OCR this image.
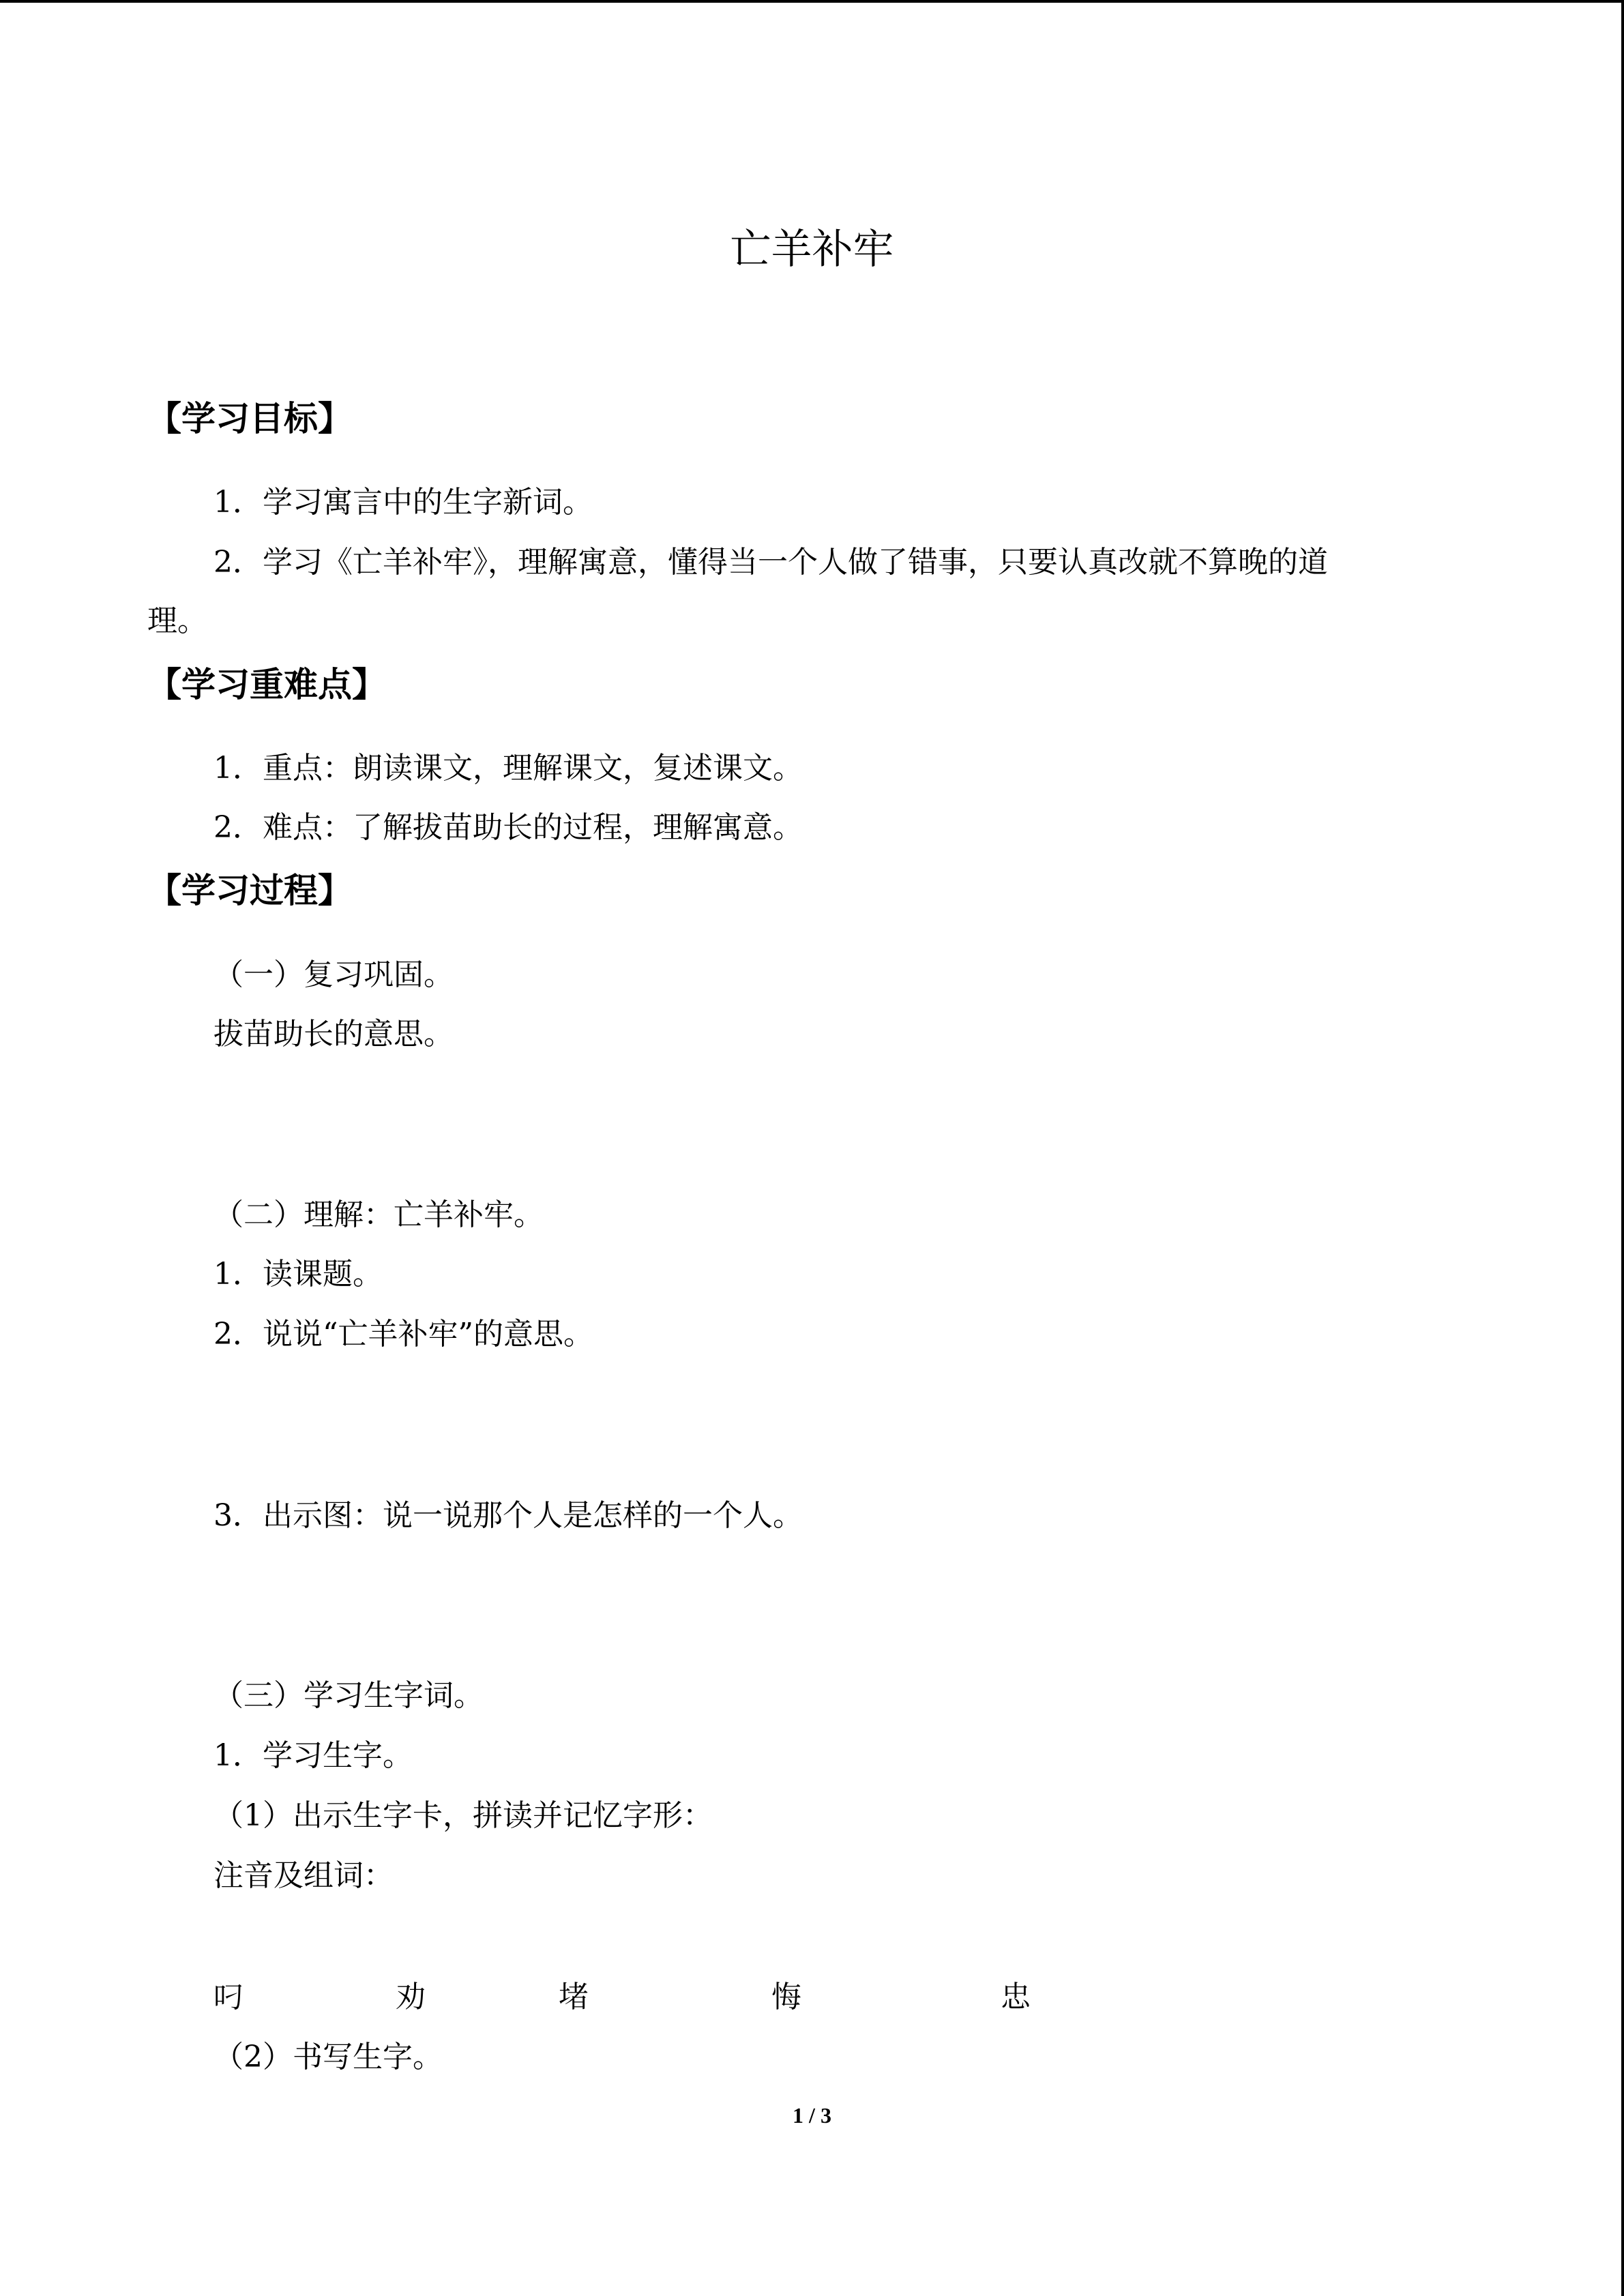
亡羊补牢
【学习目标】
1．学习寓言中的生字新词。
2．学习《亡羊补牢》，理解寓意，懂得当一个人做了错事，只要认真改就不算晚的道
理。
【学习重难点】
1．重点：朗读课文，理解课文，复述课文。
2．难点：了解拔苗助长的过程，理解寓意。
【学习过程】
（一）复习巩固。
拔苗助长的意思。
（二）理解：亡羊补牢。
1．读课题。
2．说说“亡羊补牢”的意思。
3．出示图：说一说那个人是怎样的一个人。
（三）学习生字词。
1．学习生字。
（1）出示生字卡，拼读并记忆字形：
注音及组词：
叼	劝	堵	悔	忠
（2）书写生字。
1 / 3
